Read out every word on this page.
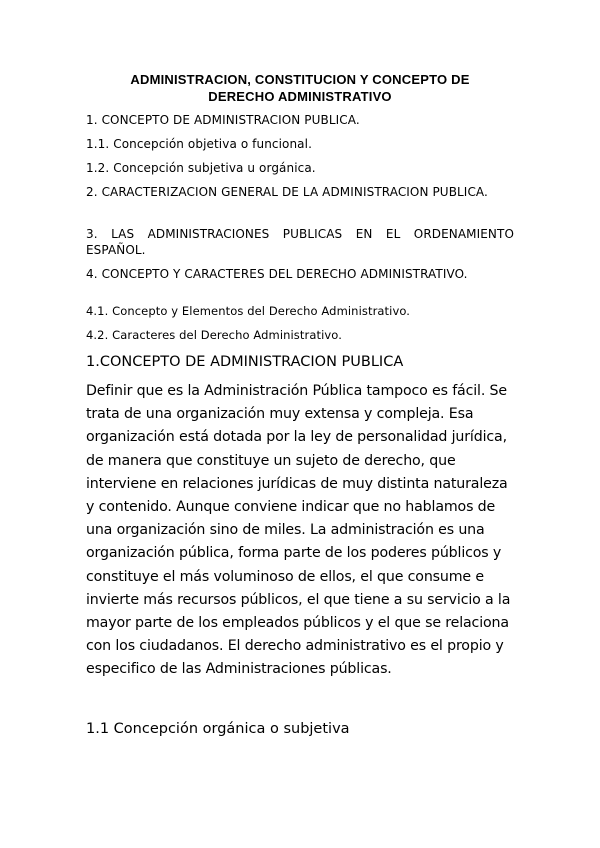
ADMINISTRACION, CONSTITUCION Y CONCEPTO DE
DERECHO ADMINISTRATIVO
1. CONCEPTO DE ADMINISTRACION PUBLICA.
1.1. Concepción objetiva o funcional.
1.2. Concepción subjetiva u orgánica.
2. CARACTERIZACION GENERAL DE LA ADMINISTRACION PUBLICA.
3. LAS ADMINISTRACIONES PUBLICAS EN EL ORDENAMIENTO ESPAÑOL.
4. CONCEPTO Y CARACTERES DEL DERECHO ADMINISTRATIVO.
4.1. Concepto y Elementos del Derecho Administrativo.
4.2. Caracteres del Derecho Administrativo.
1.CONCEPTO DE ADMINISTRACION PUBLICA

Definir que es la Administración Pública tampoco es fácil. Se trata de una organización muy extensa y compleja. Esa organización está dotada por la ley de personalidad jurídica, de manera que constituye un sujeto de derecho, que interviene en relaciones jurídicas de muy distinta naturaleza y contenido. Aunque conviene indicar que no hablamos de una organización sino de miles. La administración es una organización pública, forma parte de los poderes públicos y constituye el más voluminoso de ellos, el que consume e invierte más recursos públicos, el que tiene a su servicio a la mayor parte de los empleados públicos y el que se relaciona con los ciudadanos. El derecho administrativo es el propio y especifico de las Administraciones públicas.

1.1 Concepción orgánica o subjetiva
